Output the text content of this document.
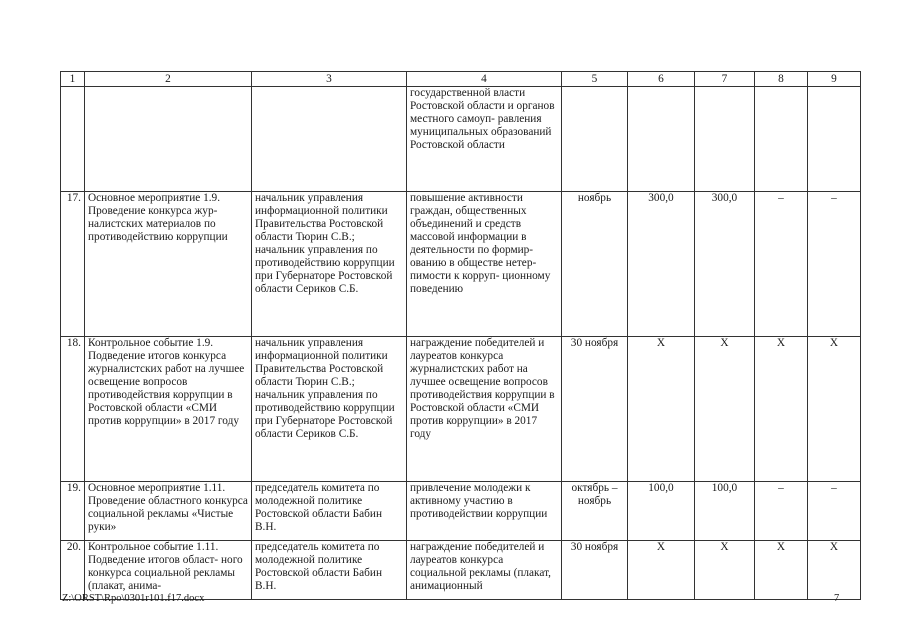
1	2	3	4	5	6	7	8	9
			государственной власти Ростовской области и органов местного самоуп- равления муниципальных образований Ростовской области					
17.	Основное мероприятие 1.9. Проведение конкурса жур- налистских материалов по противодействию коррупции	начальник управления информационной политики Правительства Ростовской области Тюрин С.В.; начальник управления по противодействию коррупции при Губернаторе Ростовской области Сериков С.Б.	повышение активности граждан, общественных объединений и средств массовой информации в деятельности по формир- ованию в обществе нетер- пимости к корруп- ционному поведению	ноябрь	300,0	300,0	–	–
18.	Контрольное событие 1.9. Подведение итогов конкурса журналистских работ на лучшее освещение вопросов противодействия коррупции в Ростовской области «СМИ против коррупции» в 2017 году	начальник управления информационной политики Правительства Ростовской области Тюрин С.В.; начальник управления по противодействию коррупции при Губернаторе Ростовской области Сериков С.Б.	награждение победителей и лауреатов конкурса журналистских работ на лучшее освещение вопросов противодействия коррупции в Ростовской области «СМИ против коррупции» в 2017 году	30 ноября	Х	Х	Х	Х
19.	Основное мероприятие 1.11. Проведение областного конкурса социальной рекламы «Чистые руки»	председатель комитета по молодежной политике Ростовской области Бабин В.Н.	привлечение молодежи к активному участию в противодействии коррупции	октябрь – ноябрь	100,0	100,0	–	–
20.	Контрольное событие 1.11. Подведение итогов област- ного конкурса социальной рекламы (плакат, анима-	председатель комитета по молодежной политике Ростовской области Бабин В.Н.	награждение победителей и лауреатов конкурса социальной рекламы (плакат, анимационный	30 ноября	Х	Х	Х	Х
Z:\ORST\Rpo\0301r101.f17.docx	7
